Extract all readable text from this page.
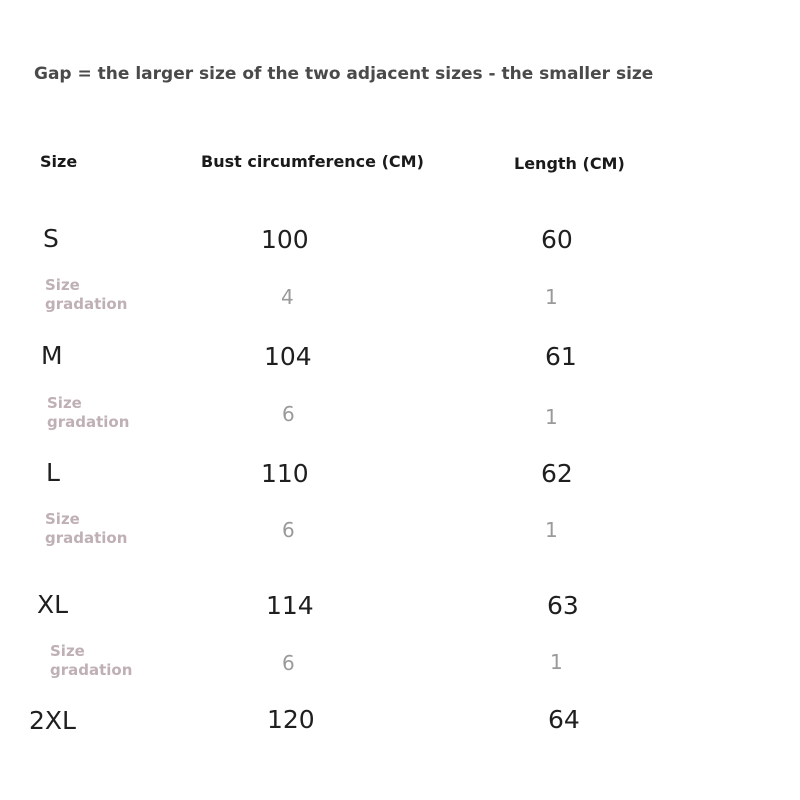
Gap = the larger size of the two adjacent sizes - the smaller size
Size	Bust circumference (CM)	Length (CM)
S	100	60
Size
gradation	4	1
M	104	61
Size
gradation	6	1
L	110	62
Size
gradation	6	1
XL	114	63
Size
gradation	6	1
2XL	120	64
